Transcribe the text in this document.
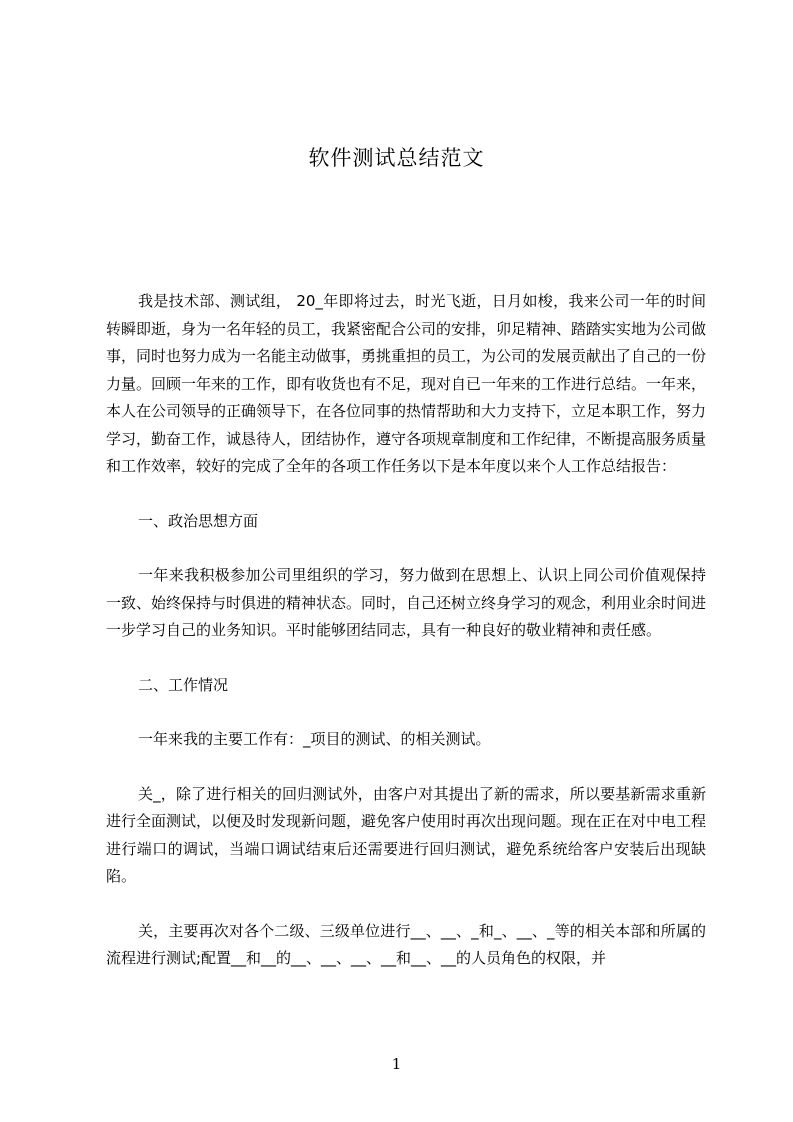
软件测试总结范文

我是技术部、测试组， 20_年即将过去，时光飞逝，日月如梭，我来公司一年的时间转瞬即逝，身为一名年轻的员工，我紧密配合公司的安排，卯足精神、踏踏实实地为公司做事，同时也努力成为一名能主动做事，勇挑重担的员工，为公司的发展贡献出了自己的一份力量。回顾一年来的工作，即有收货也有不足，现对自已一年来的工作进行总结。一年来，本人在公司领导的正确领导下，在各位同事的热情帮助和大力支持下，立足本职工作，努力学习，勤奋工作，诚恳待人，团结协作，遵守各项规章制度和工作纪律，不断提高服务质量和工作效率，较好的完成了全年的各项工作任务以下是本年度以来个人工作总结报告：

一、政治思想方面

一年来我积极参加公司里组织的学习，努力做到在思想上、认识上同公司价值观保持一致、始终保持与时俱进的精神状态。同时，自己还树立终身学习的观念，利用业余时间进一步学习自己的业务知识。平时能够团结同志，具有一种良好的敬业精神和责任感。

二、工作情况

一年来我的主要工作有：_项目的测试、的相关测试。

关_，除了进行相关的回归测试外，由客户对其提出了新的需求，所以要基新需求重新进行全面测试，以便及时发现新问题，避免客户使用时再次出现问题。现在正在对中电工程进行端口的调试，当端口调试结束后还需要进行回归测试，避免系统给客户安装后出现缺陷。

关，主要再次对各个二级、三级单位进行__、__、_和_、__、_等的相关本部和所属的流程进行测试;配置__和__的__、__、__、__和__、__的人员角色的权限，并

1
